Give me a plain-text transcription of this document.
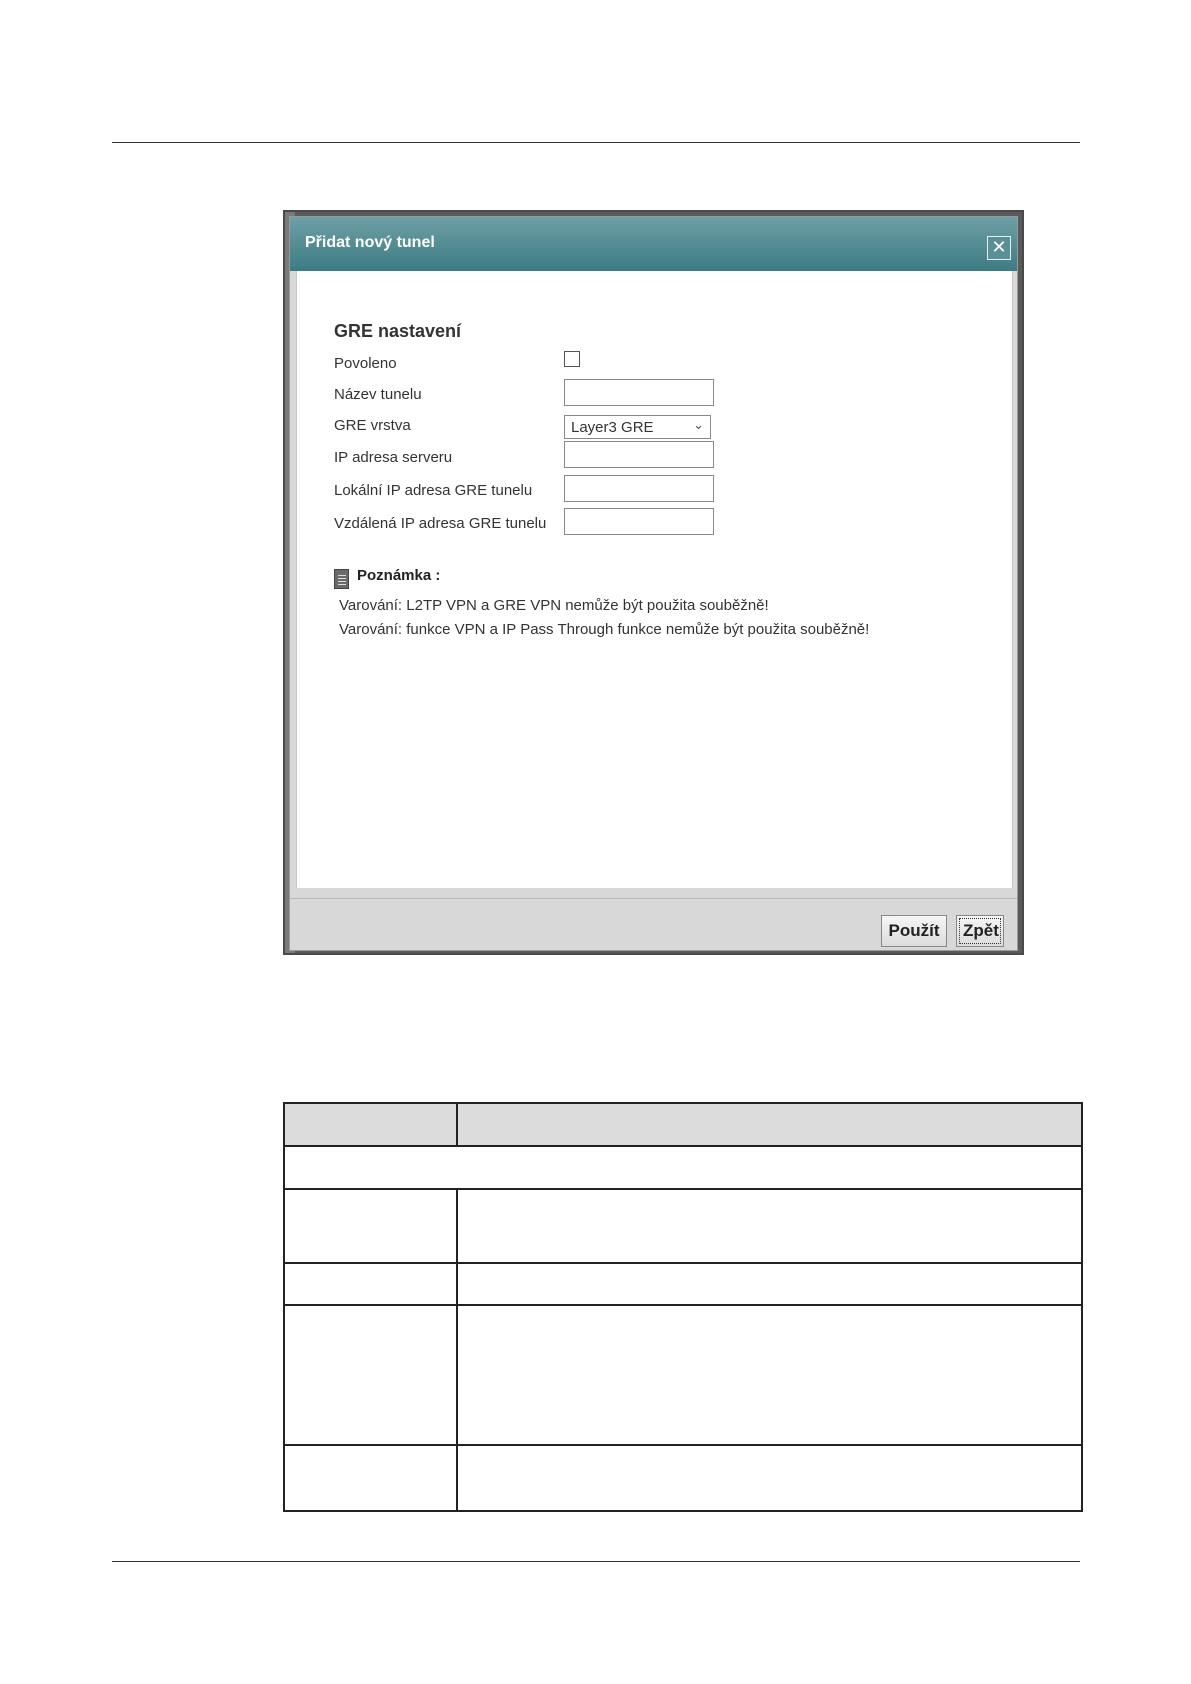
Přidat nový tunel	✕
GRE nastavení
Povoleno
Název tunelu
GRE vrstva	Layer3 GRE	⌄
IP adresa serveru
Lokální IP adresa GRE tunelu
Vzdálená IP adresa GRE tunelu
Poznámka :
Varování: L2TP VPN a GRE VPN nemůže být použita souběžně!
Varování: funkce VPN a IP Pass Through funkce nemůže být použita souběžně!
Použít	Zpět
